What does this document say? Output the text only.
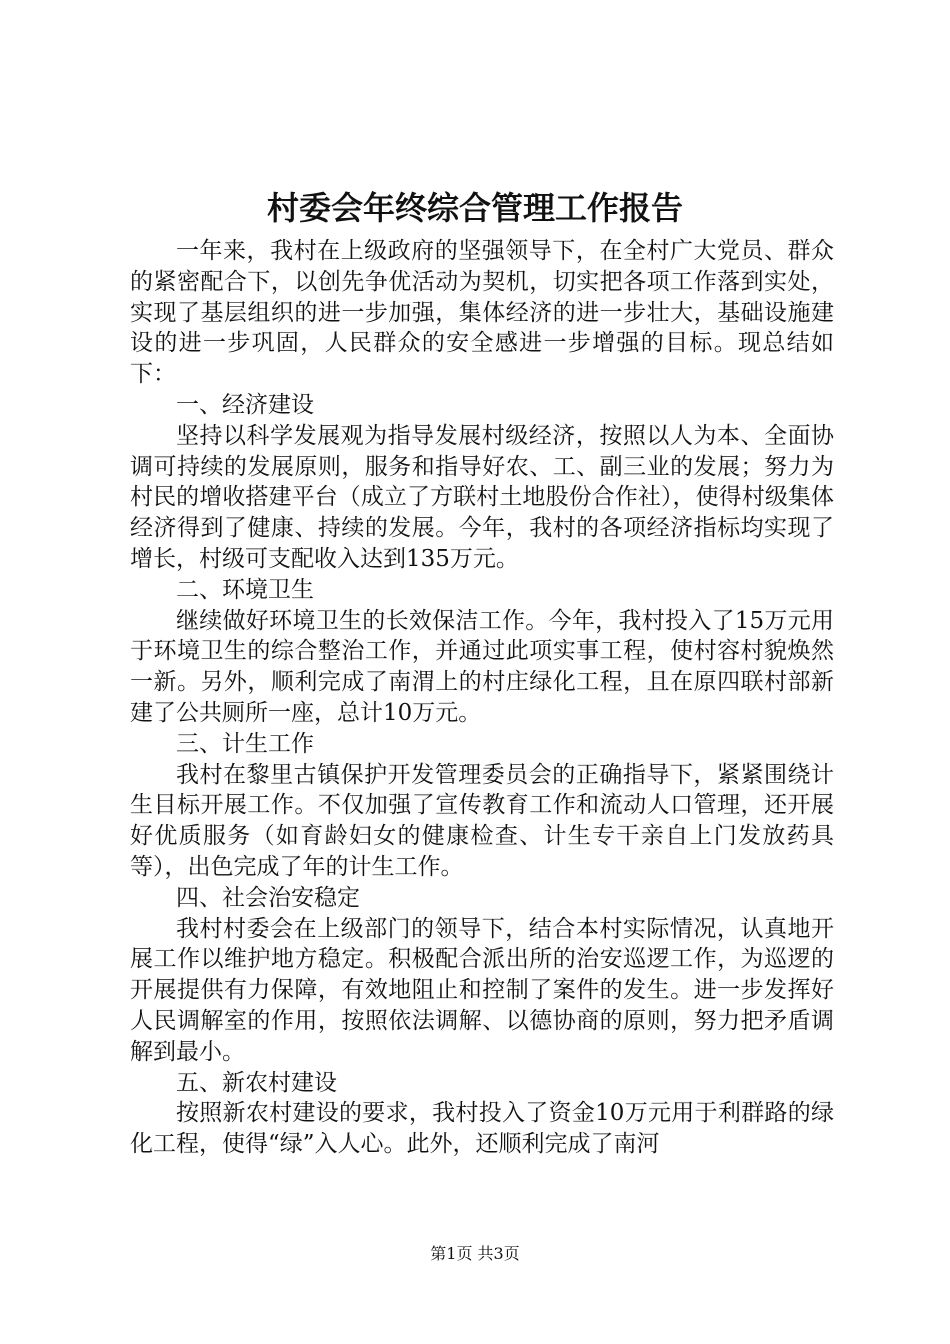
村委会年终综合管理工作报告

一年来，我村在上级政府的坚强领导下，在全村广大党员、群众的紧密配合下，以创先争优活动为契机，切实把各项工作落到实处，实现了基层组织的进一步加强，集体经济的进一步壮大，基础设施建设的进一步巩固，人民群众的安全感进一步增强的目标。现总结如下：

一、经济建设

坚持以科学发展观为指导发展村级经济，按照以人为本、全面协调可持续的发展原则，服务和指导好农、工、副三业的发展；努力为村民的增收搭建平台（成立了方联村土地股份合作社），使得村级集体经济得到了健康、持续的发展。今年，我村的各项经济指标均实现了增长，村级可支配收入达到135万元。

二、环境卫生

继续做好环境卫生的长效保洁工作。今年，我村投入了15万元用于环境卫生的综合整治工作，并通过此项实事工程，使村容村貌焕然一新。另外，顺利完成了南渭上的村庄绿化工程，且在原四联村部新建了公共厕所一座，总计10万元。

三、计生工作

我村在黎里古镇保护开发管理委员会的正确指导下，紧紧围绕计生目标开展工作。不仅加强了宣传教育工作和流动人口管理，还开展好优质服务（如育龄妇女的健康检查、计生专干亲自上门发放药具等），出色完成了年的计生工作。

四、社会治安稳定

我村村委会在上级部门的领导下，结合本村实际情况，认真地开展工作以维护地方稳定。积极配合派出所的治安巡逻工作，为巡逻的开展提供有力保障，有效地阻止和控制了案件的发生。进一步发挥好人民调解室的作用，按照依法调解、以德协商的原则，努力把矛盾调解到最小。

五、新农村建设

按照新农村建设的要求，我村投入了资金10万元用于利群路的绿化工程，使得“绿”入人心。此外，还顺利完成了南河

第1页 共3页
